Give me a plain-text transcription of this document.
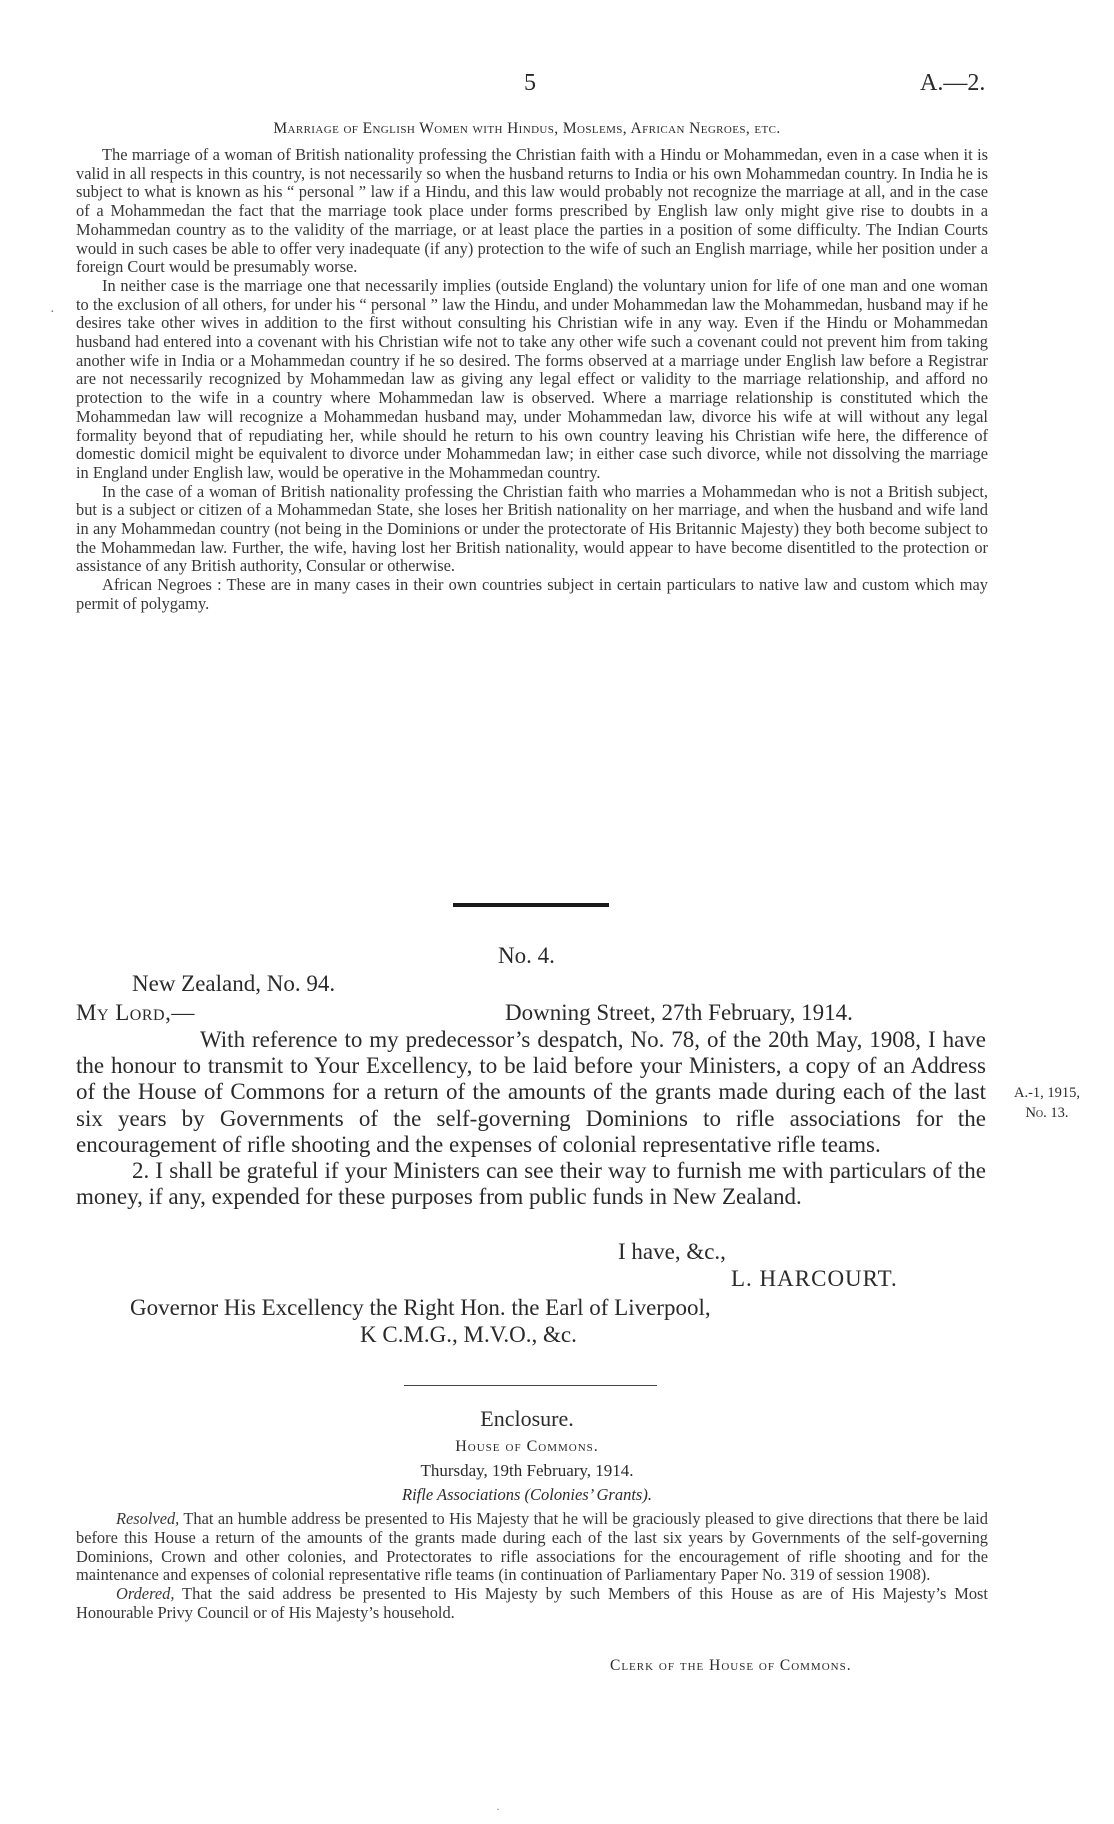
5	A.—2.
Marriage of English Women with Hindus, Moslems, African Negroes, etc.

The marriage of a woman of British nationality professing the Christian faith with a Hindu or Mohammedan, even in a case when it is valid in all respects in this country, is not necessarily so when the husband returns to India or his own Mohammedan country. In India he is subject to what is known as his “ personal ” law if a Hindu, and this law would probably not recognize the marriage at all, and in the case of a Mohammedan the fact that the marriage took place under forms prescribed by English law only might give rise to doubts in a Mohammedan country as to the validity of the marriage, or at least place the parties in a position of some difficulty. The Indian Courts would in such cases be able to offer very inadequate (if any) protection to the wife of such an English marriage, while her position under a foreign Court would be presumably worse.

In neither case is the marriage one that necessarily implies (outside England) the voluntary union for life of one man and one woman to the exclusion of all others, for under his “ personal ” law the Hindu, and under Mohammedan law the Mohammedan, husband may if he desires take other wives in addition to the first without consulting his Christian wife in any way. Even if the Hindu or Mohammedan husband had entered into a covenant with his Christian wife not to take any other wife such a covenant could not prevent him from taking another wife in India or a Mohammedan country if he so desired. The forms observed at a marriage under English law before a Registrar are not necessarily recognized by Mohammedan law as giving any legal effect or validity to the marriage relationship, and afford no protection to the wife in a country where Mohammedan law is observed. Where a marriage relationship is constituted which the Mohammedan law will recognize a Mohammedan husband may, under Mohammedan law, divorce his wife at will without any legal formality beyond that of repudiating her, while should he return to his own country leaving his Christian wife here, the difference of domestic domicil might be equivalent to divorce under Mohammedan law; in either case such divorce, while not dissolving the marriage in England under English law, would be operative in the Mohammedan country.

In the case of a woman of British nationality professing the Christian faith who marries a Mohammedan who is not a British subject, but is a subject or citizen of a Mohammedan State, she loses her British nationality on her marriage, and when the husband and wife land in any Mohammedan country (not being in the Dominions or under the protectorate of His Britannic Majesty) they both become subject to the Mohammedan law. Further, the wife, having lost her British nationality, would appear to have become disentitled to the protection or assistance of any British authority, Consular or otherwise.

African Negroes : These are in many cases in their own countries subject in certain particulars to native law and custom which may permit of polygamy.

No. 4.
New Zealand, No. 94.
My Lord,—	Downing Street, 27th February, 1914.

With reference to my predecessor’s despatch, No. 78, of the 20th May, 1908, I have the honour to transmit to Your Excellency, to be laid before your Ministers, a copy of an Address of the House of Commons for a return of the amounts of the grants made during each of the last six years by Governments of the self-governing Dominions to rifle associations for the encouragement of rifle shooting and the expenses of colonial representative rifle teams.

2. I shall be grateful if your Ministers can see their way to furnish me with particulars of the money, if any, expended for these purposes from public funds in New Zealand.

I have, &c.,
L. HARCOURT.
A.-1, 1915,
No. 13.
Governor His Excellency the Right Hon. the Earl of Liverpool,
K C.M.G., M.V.O., &c.
Enclosure.
House of Commons.
Thursday, 19th February, 1914.
Rifle Associations (Colonies’ Grants).

Resolved, That an humble address be presented to His Majesty that he will be graciously pleased to give directions that there be laid before this House a return of the amounts of the grants made during each of the last six years by Governments of the self-governing Dominions, Crown and other colonies, and Protectorates to rifle associations for the encouragement of rifle shooting and for the maintenance and expenses of colonial representative rifle teams (in continuation of Parliamentary Paper No. 319 of session 1908).

Ordered, That the said address be presented to His Majesty by such Members of this House as are of His Majesty’s Most Honourable Privy Council or of His Majesty’s household.

Clerk of the House of Commons.
·
·
